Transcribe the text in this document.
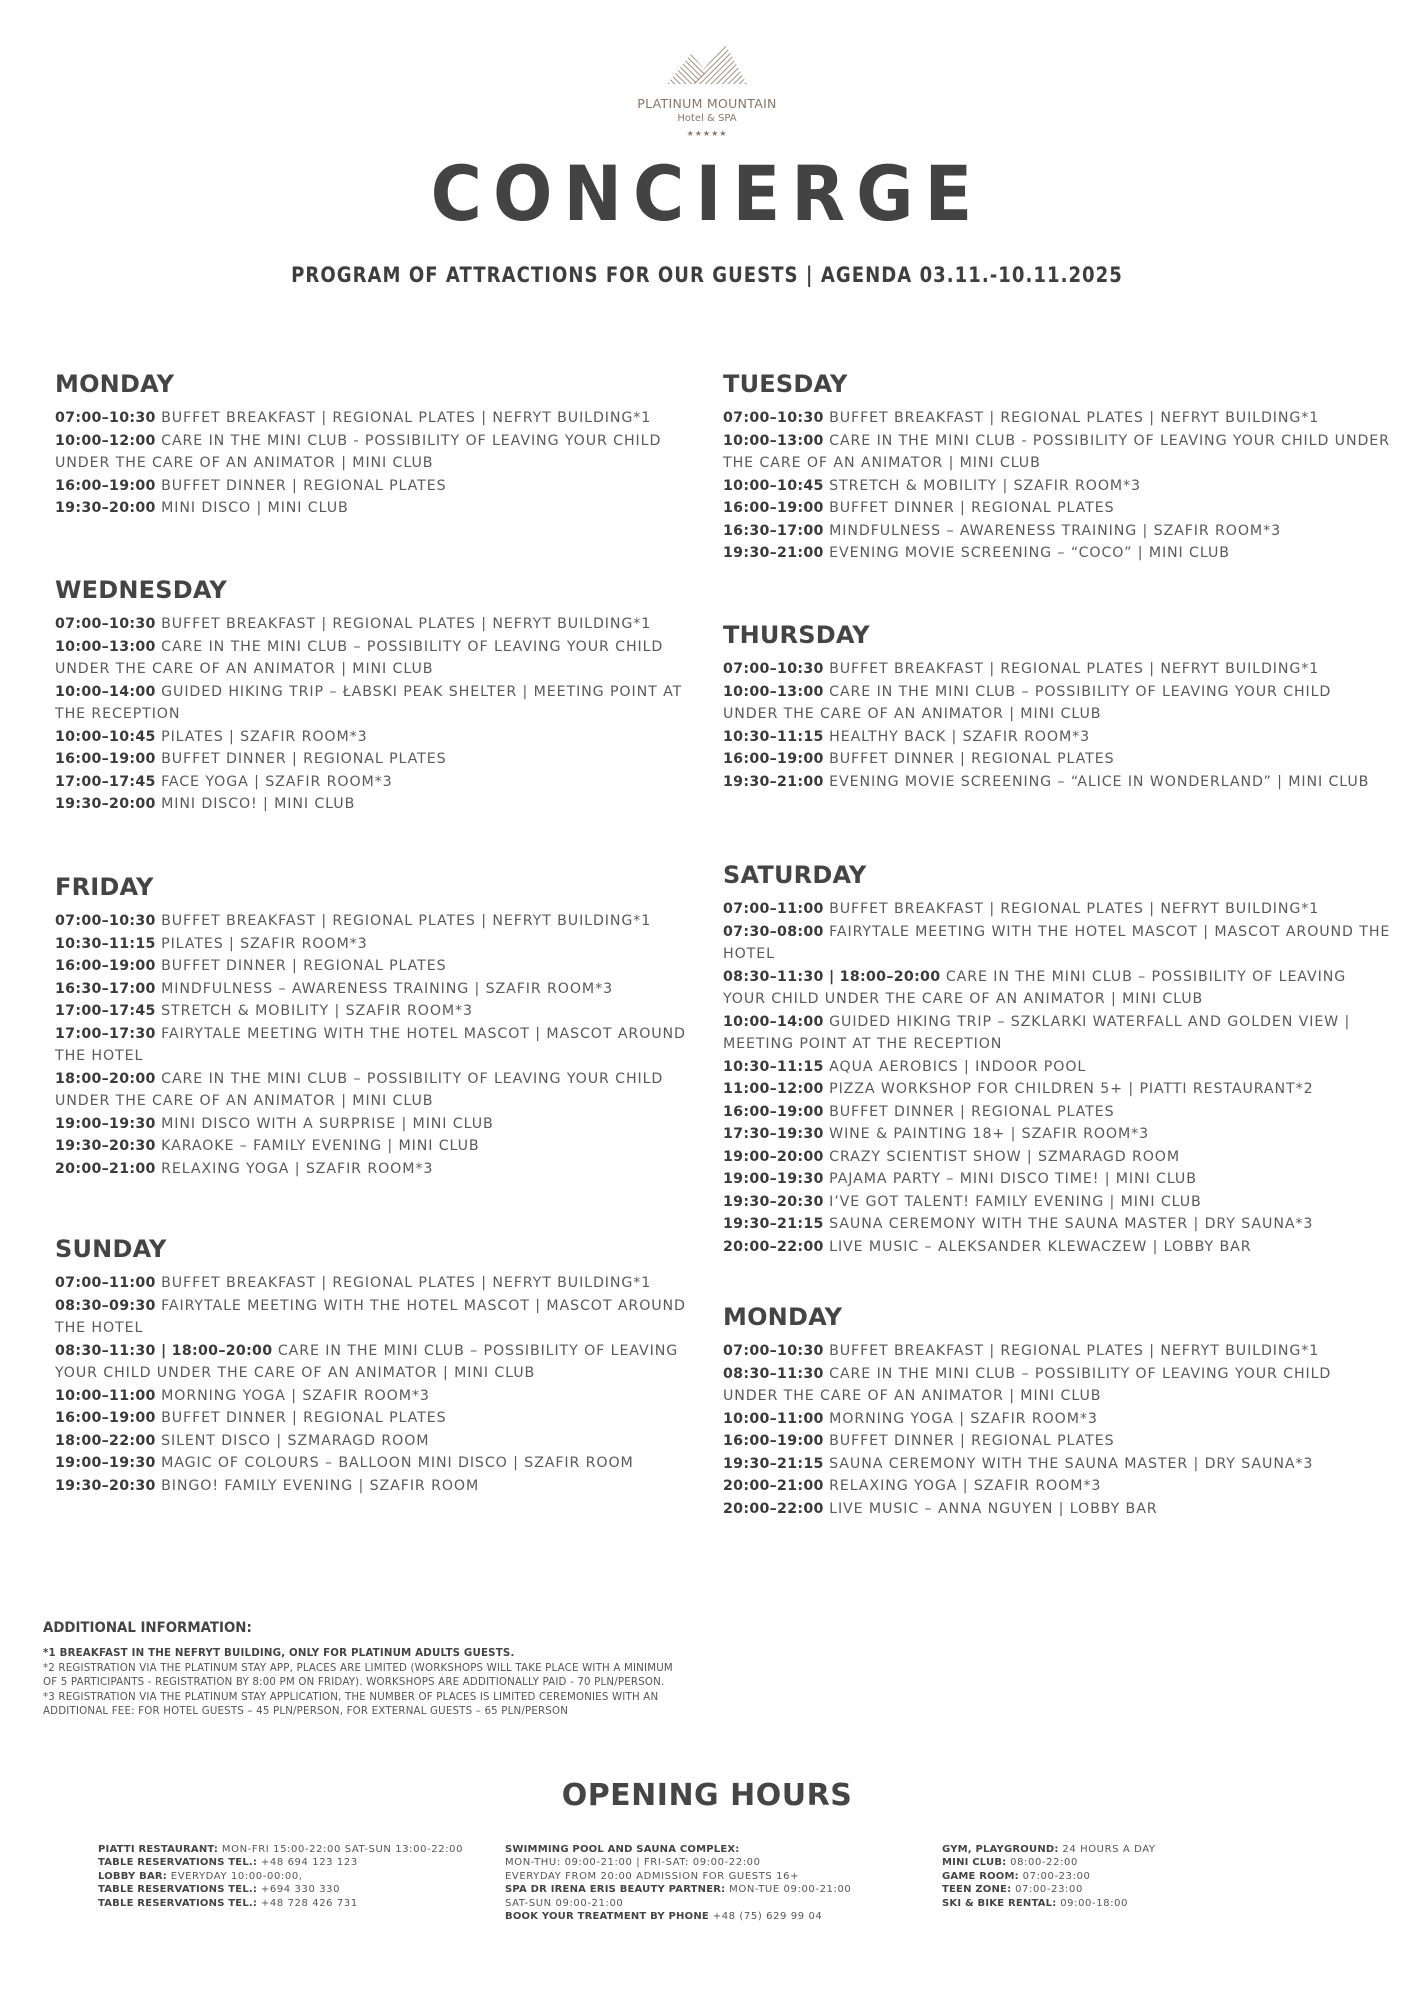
PLATINUM MOUNTAIN
Hotel & SPA
★★★★★
CONCIERGE
PROGRAM OF ATTRACTIONS FOR OUR GUESTS | AGENDA 03.11.-10.11.2025
MONDAY
07:00–10:30 BUFFET BREAKFAST | REGIONAL PLATES | NEFRYT BUILDING*1
10:00–12:00 CARE IN THE MINI CLUB - POSSIBILITY OF LEAVING YOUR CHILD UNDER THE CARE OF AN ANIMATOR | MINI CLUB
16:00–19:00 BUFFET DINNER | REGIONAL PLATES
19:30–20:00 MINI DISCO | MINI CLUB
TUESDAY
07:00–10:30 BUFFET BREAKFAST | REGIONAL PLATES | NEFRYT BUILDING*1
10:00–13:00 CARE IN THE MINI CLUB - POSSIBILITY OF LEAVING YOUR CHILD UNDER THE CARE OF AN ANIMATOR | MINI CLUB
10:00–10:45 STRETCH & MOBILITY | SZAFIR ROOM*3
16:00–19:00 BUFFET DINNER | REGIONAL PLATES
16:30–17:00 MINDFULNESS – AWARENESS TRAINING | SZAFIR ROOM*3
19:30–21:00 EVENING MOVIE SCREENING – “COCO” | MINI CLUB
WEDNESDAY
07:00–10:30 BUFFET BREAKFAST | REGIONAL PLATES | NEFRYT BUILDING*1
10:00–13:00 CARE IN THE MINI CLUB – POSSIBILITY OF LEAVING YOUR CHILD UNDER THE CARE OF AN ANIMATOR | MINI CLUB
10:00–14:00 GUIDED HIKING TRIP – ŁABSKI PEAK SHELTER | MEETING POINT AT THE RECEPTION
10:00–10:45 PILATES | SZAFIR ROOM*3
16:00–19:00 BUFFET DINNER | REGIONAL PLATES
17:00–17:45 FACE YOGA | SZAFIR ROOM*3
19:30–20:00 MINI DISCO! | MINI CLUB
THURSDAY
07:00–10:30 BUFFET BREAKFAST | REGIONAL PLATES | NEFRYT BUILDING*1
10:00–13:00 CARE IN THE MINI CLUB – POSSIBILITY OF LEAVING YOUR CHILD UNDER THE CARE OF AN ANIMATOR | MINI CLUB
10:30–11:15 HEALTHY BACK | SZAFIR ROOM*3
16:00–19:00 BUFFET DINNER | REGIONAL PLATES
19:30–21:00 EVENING MOVIE SCREENING – “ALICE IN WONDERLAND” | MINI CLUB
FRIDAY
07:00–10:30 BUFFET BREAKFAST | REGIONAL PLATES | NEFRYT BUILDING*1
10:30–11:15 PILATES | SZAFIR ROOM*3
16:00–19:00 BUFFET DINNER | REGIONAL PLATES
16:30–17:00 MINDFULNESS – AWARENESS TRAINING | SZAFIR ROOM*3
17:00–17:45 STRETCH & MOBILITY | SZAFIR ROOM*3
17:00–17:30 FAIRYTALE MEETING WITH THE HOTEL MASCOT | MASCOT AROUND THE HOTEL
18:00–20:00 CARE IN THE MINI CLUB – POSSIBILITY OF LEAVING YOUR CHILD UNDER THE CARE OF AN ANIMATOR | MINI CLUB
19:00–19:30 MINI DISCO WITH A SURPRISE | MINI CLUB
19:30–20:30 KARAOKE – FAMILY EVENING | MINI CLUB
20:00–21:00 RELAXING YOGA | SZAFIR ROOM*3
SATURDAY
07:00–11:00 BUFFET BREAKFAST | REGIONAL PLATES | NEFRYT BUILDING*1
07:30–08:00 FAIRYTALE MEETING WITH THE HOTEL MASCOT | MASCOT AROUND THE HOTEL
08:30–11:30 | 18:00–20:00 CARE IN THE MINI CLUB – POSSIBILITY OF LEAVING YOUR CHILD UNDER THE CARE OF AN ANIMATOR | MINI CLUB
10:00–14:00 GUIDED HIKING TRIP – SZKLARKI WATERFALL AND GOLDEN VIEW | MEETING POINT AT THE RECEPTION
10:30–11:15 AQUA AEROBICS | INDOOR POOL
11:00–12:00 PIZZA WORKSHOP FOR CHILDREN 5+ | PIATTI RESTAURANT*2
16:00–19:00 BUFFET DINNER | REGIONAL PLATES
17:30–19:30 WINE & PAINTING 18+ | SZAFIR ROOM*3
19:00–20:00 CRAZY SCIENTIST SHOW | SZMARAGD ROOM
19:00–19:30 PAJAMA PARTY – MINI DISCO TIME! | MINI CLUB
19:30–20:30 I’VE GOT TALENT! FAMILY EVENING | MINI CLUB
19:30–21:15 SAUNA CEREMONY WITH THE SAUNA MASTER | DRY SAUNA*3
20:00–22:00 LIVE MUSIC – ALEKSANDER KLEWACZEW | LOBBY BAR
SUNDAY
07:00–11:00 BUFFET BREAKFAST | REGIONAL PLATES | NEFRYT BUILDING*1
08:30–09:30 FAIRYTALE MEETING WITH THE HOTEL MASCOT | MASCOT AROUND THE HOTEL
08:30–11:30 | 18:00–20:00 CARE IN THE MINI CLUB – POSSIBILITY OF LEAVING YOUR CHILD UNDER THE CARE OF AN ANIMATOR | MINI CLUB
10:00–11:00 MORNING YOGA | SZAFIR ROOM*3
16:00–19:00 BUFFET DINNER | REGIONAL PLATES
18:00–22:00 SILENT DISCO | SZMARAGD ROOM
19:00–19:30 MAGIC OF COLOURS – BALLOON MINI DISCO | SZAFIR ROOM
19:30–20:30 BINGO! FAMILY EVENING | SZAFIR ROOM
MONDAY
07:00–10:30 BUFFET BREAKFAST | REGIONAL PLATES | NEFRYT BUILDING*1
08:30–11:30 CARE IN THE MINI CLUB – POSSIBILITY OF LEAVING YOUR CHILD UNDER THE CARE OF AN ANIMATOR | MINI CLUB
10:00–11:00 MORNING YOGA | SZAFIR ROOM*3
16:00–19:00 BUFFET DINNER | REGIONAL PLATES
19:30–21:15 SAUNA CEREMONY WITH THE SAUNA MASTER | DRY SAUNA*3
20:00–21:00 RELAXING YOGA | SZAFIR ROOM*3
20:00–22:00 LIVE MUSIC – ANNA NGUYEN | LOBBY BAR
ADDITIONAL INFORMATION:

*1 BREAKFAST IN THE NEFRYT BUILDING, ONLY FOR PLATINUM ADULTS GUESTS.

*2 REGISTRATION VIA THE PLATINUM STAY APP, PLACES ARE LIMITED (WORKSHOPS WILL TAKE PLACE WITH A MINIMUM OF 5 PARTICIPANTS - REGISTRATION BY 8:00 PM ON FRIDAY). WORKSHOPS ARE ADDITIONALLY PAID - 70 PLN/PERSON.

*3 REGISTRATION VIA THE PLATINUM STAY APPLICATION, THE NUMBER OF PLACES IS LIMITED CEREMONIES WITH AN ADDITIONAL FEE: FOR HOTEL GUESTS – 45 PLN/PERSON, FOR EXTERNAL GUESTS – 65 PLN/PERSON

OPENING HOURS
PIATTI RESTAURANT: MON-FRI 15:00-22:00 SAT-SUN 13:00-22:00
TABLE RESERVATIONS TEL.: +48 694 123 123
LOBBY BAR: EVERYDAY 10:00-00:00,
TABLE RESERVATIONS TEL.: +694 330 330
TABLE RESERVATIONS TEL.: +48 728 426 731
SWIMMING POOL AND SAUNA COMPLEX:
MON-THU: 09:00-21:00 | FRI-SAT: 09:00-22:00
EVERYDAY FROM 20:00 ADMISSION FOR GUESTS 16+
SPA DR IRENA ERIS BEAUTY PARTNER: MON-TUE 09:00-21:00
SAT-SUN 09:00-21:00
BOOK YOUR TREATMENT BY PHONE +48 (75) 629 99 04
GYM, PLAYGROUND: 24 HOURS A DAY
MINI CLUB: 08:00-22:00
GAME ROOM: 07:00-23:00
TEEN ZONE: 07:00-23:00
SKI & BIKE RENTAL: 09:00-18:00
